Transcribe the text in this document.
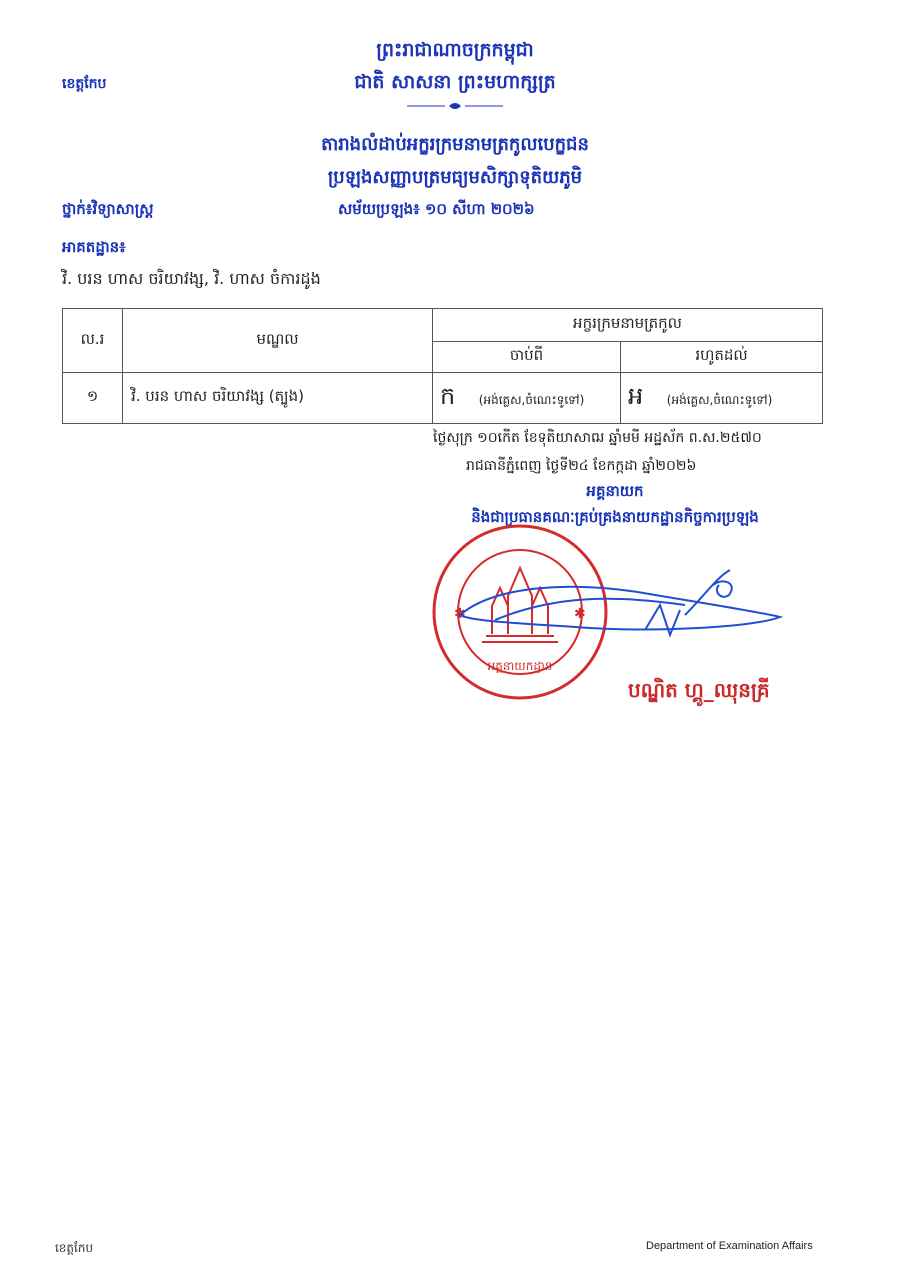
ព្រះរាជាណាចក្រកម្ពុជា
ជាតិ សាសនា ព្រះមហាក្សត្រ
ខេត្តកែប
តារាងលំដាប់អក្ខរក្រមនាមត្រកូលបេក្ខជន
ប្រឡងសញ្ញាបត្រមធ្យមសិក្សាទុតិយភូមិ
ថ្នាក់៖វិទ្យាសាស្ត្រ	សម័យប្រឡង៖ ១០ សីហា ២០២៦
អាគតដ្ឋាន៖
វិ. បរន ហាស ចរិយាវង្ស, វិ. ហាស ចំការដូង
ល.រ	មណ្ឌល	អក្ខរក្រមនាមត្រកូល	
		ចាប់ពី	រហូតដល់
១	វិ. បរន ហាស ចរិយាវង្ស (ត្បូង)	ក (អង់គ្លេស,ចំណេះទូទៅ)	អ (អង់គ្លេស,ចំណេះទូទៅ)
ថ្ងៃសុក្រ ១០កើត ខែទុតិយាសាឍ ឆ្នាំមមី អដ្ឋស័ក ព.ស.២៥៧០
រាជធានីភ្នំពេញ ថ្ងៃទី២៤ ខែកក្កដា ឆ្នាំ២០២៦
អគ្គនាយក
និងជាប្រធានគណៈគ្រប់គ្រងនាយកដ្ឋានកិច្ចការប្រឡង
✱	✱
អគ្គនាយកដ្ឋាន
បណ្ឌិត ហ្គូ_ឈុនគ្រី
ខេត្តកែប	Department of Examination Affairs
